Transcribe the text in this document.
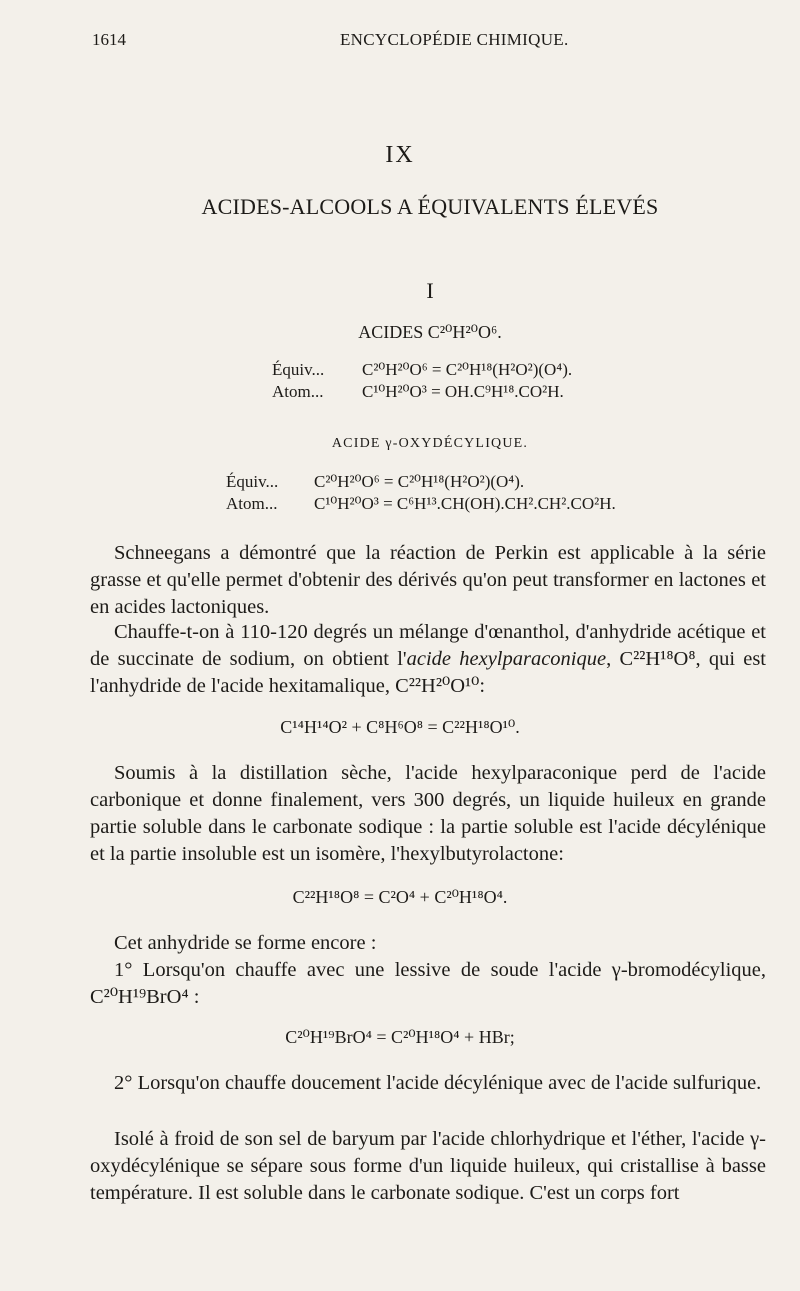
1614	ENCYCLOPÉDIE CHIMIQUE.
IX
ACIDES-ALCOOLS A ÉQUIVALENTS ÉLEVÉS
I
ACIDES C²⁰H²⁰O⁶.
Équiv... C²⁰H²⁰O⁶ = C²⁰H¹⁸(H²O²)(O⁴).
Atom... C¹⁰H²⁰O³ = OH.C⁹H¹⁸.CO²H.
ACIDE γ-OXYDÉCYLIQUE.
Équiv... C²⁰H²⁰O⁶ = C²⁰H¹⁸(H²O²)(O⁴).
Atom... C¹⁰H²⁰O³ = C⁶H¹³.CH(OH).CH².CH².CO²H.

Schneegans a démontré que la réaction de Perkin est applicable à la série grasse et qu'elle permet d'obtenir des dérivés qu'on peut transformer en lactones et en acides lactoniques.

Chauffe-t-on à 110-120 degrés un mélange d'œnanthol, d'anhydride acétique et de succinate de sodium, on obtient l'acide hexylparaconique, C²²H¹⁸O⁸, qui est l'anhydride de l'acide hexitamalique, C²²H²⁰O¹⁰:

C¹⁴H¹⁴O² + C⁸H⁶O⁸ = C²²H¹⁸O¹⁰.

Soumis à la distillation sèche, l'acide hexylparaconique perd de l'acide carbonique et donne finalement, vers 300 degrés, un liquide huileux en grande partie soluble dans le carbonate sodique : la partie soluble est l'acide décylénique et la partie insoluble est un isomère, l'hexylbutyrolactone:

C²²H¹⁸O⁸ = C²O⁴ + C²⁰H¹⁸O⁴.

Cet anhydride se forme encore :

1° Lorsqu'on chauffe avec une lessive de soude l'acide γ-bromodécylique, C²⁰H¹⁹BrO⁴ :

C²⁰H¹⁹BrO⁴ = C²⁰H¹⁸O⁴ + HBr;

2° Lorsqu'on chauffe doucement l'acide décylénique avec de l'acide sulfurique.

Isolé à froid de son sel de baryum par l'acide chlorhydrique et l'éther, l'acide γ-oxydécylénique se sépare sous forme d'un liquide huileux, qui cristallise à basse température. Il est soluble dans le carbonate sodique. C'est un corps fort
